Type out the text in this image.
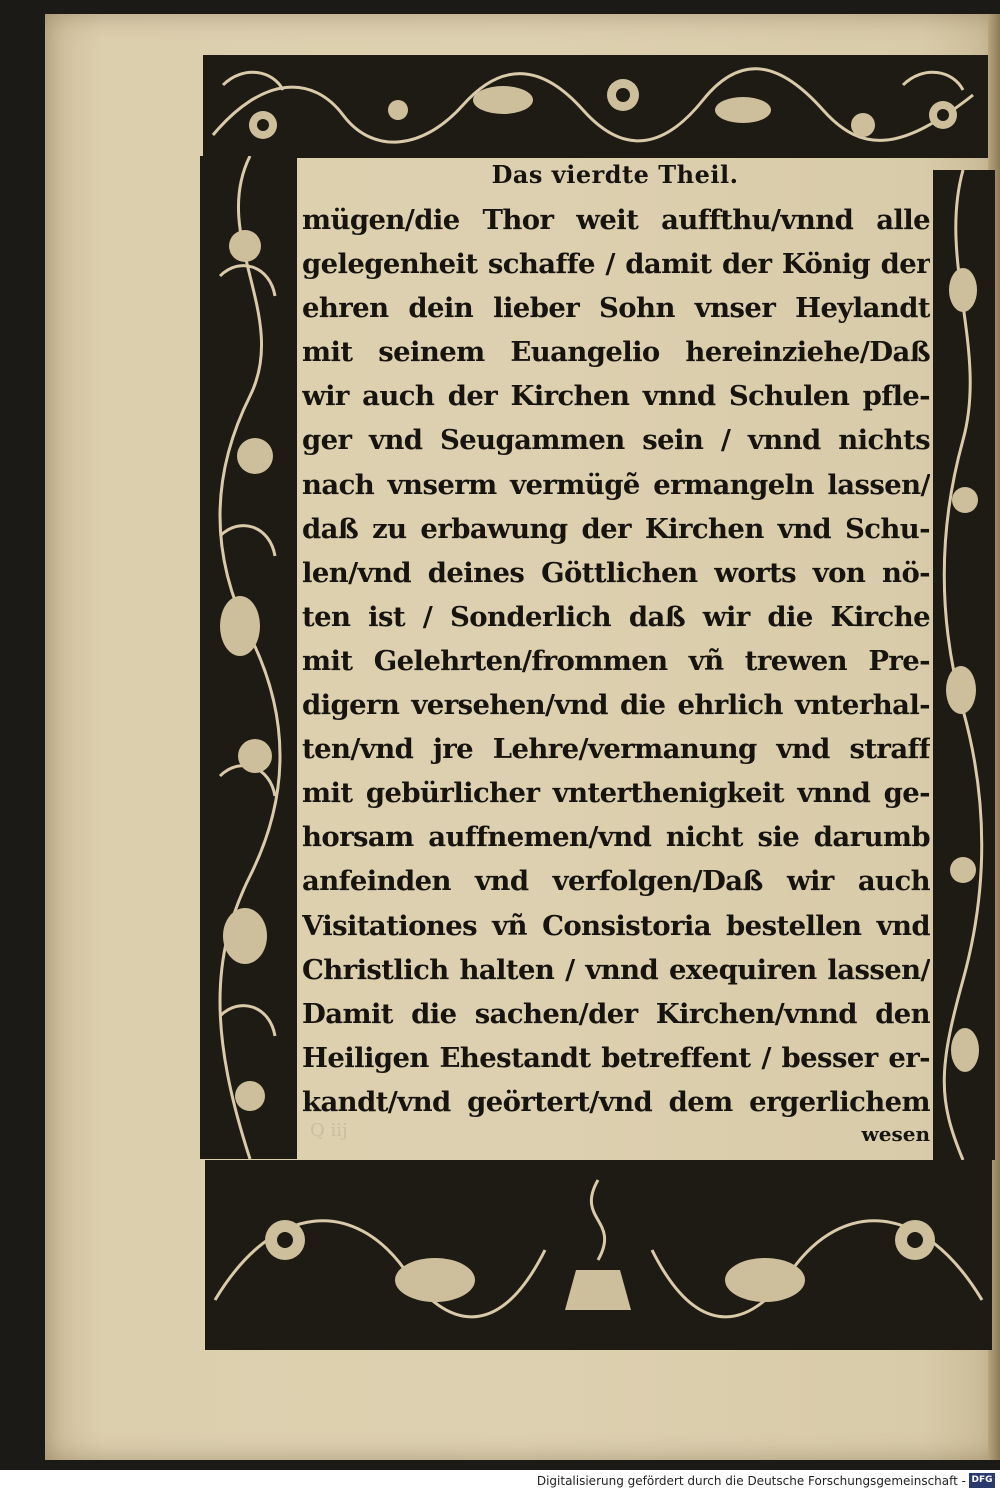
Das vierdte Theil.
mügen/die Thor weit auffthu/vnnd alle
gelegenheit schaffe / damit der König der
ehren dein lieber Sohn vnser Heylandt
mit seinem Euangelio hereinziehe/Daß
wir auch der Kirchen vnnd Schulen pfle-
ger vnd Seugammen sein / vnnd nichts
nach vnserm vermügẽ ermangeln lassen/
daß zu erbawung der Kirchen vnd Schu-
len/vnd deines Göttlichen worts von nö-
ten ist / Sonderlich daß wir die Kirche
mit Gelehrten/frommen vñ trewen Pre-
digern versehen/vnd die ehrlich vnterhal-
ten/vnd jre Lehre/vermanung vnd straff
mit gebürlicher vnterthenigkeit vnnd ge-
horsam auffnemen/vnd nicht sie darumb
anfeinden vnd verfolgen/Daß wir auch
Visitationes vñ Consistoria bestellen vnd
Christlich halten / vnnd exequiren lassen/
Damit die sachen/der Kirchen/vnnd den
Heiligen Ehestandt betreffent / besser er-
kandt/vnd geörtert/vnd dem ergerlichem
Q iij	wesen
Digitalisierung gefördert durch die Deutsche Forschungsgemeinschaft - DFG
